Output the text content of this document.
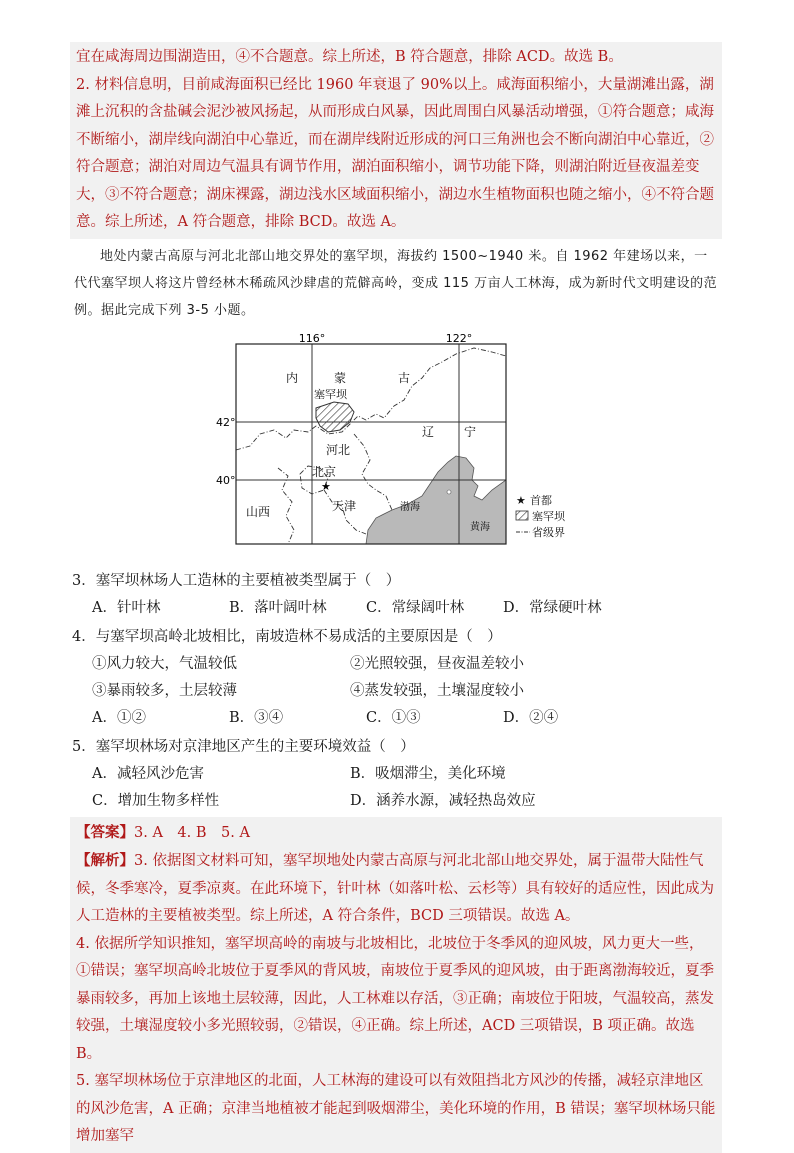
宜在咸海周边围湖造田，④不合题意。综上所述，B 符合题意，排除 ACD。故选 B。

2. 材料信息明，目前咸海面积已经比 1960 年衰退了 90%以上。咸海面积缩小，大量湖滩出露，湖滩上沉积的含盐碱会泥沙被风扬起，从而形成白风暴，因此周围白风暴活动增强，①符合题意；咸海不断缩小，湖岸线向湖泊中心靠近，而在湖岸线附近形成的河口三角洲也会不断向湖泊中心靠近，②符合题意；湖泊对周边气温具有调节作用，湖泊面积缩小，调节功能下降，则湖泊附近昼夜温差变大，③不符合题意；湖床裸露，湖边浅水区域面积缩小，湖边水生植物面积也随之缩小，④不符合题意。综上所述，A 符合题意，排除 BCD。故选 A。

地处内蒙古高原与河北北部山地交界处的塞罕坝，海拔约 1500~1940 米。自 1962 年建场以来，一代代塞罕坝人将这片曾经林木稀疏风沙肆虐的荒僻高岭，变成 115 万亩人工林海，成为新时代文明建设的范例。据此完成下列 3-5 小题。

116°	122°
42°
40°
内	蒙	古
塞罕坝
辽 宁
河北
北京
天津
山西	渤海
黄海
★
★ 首都
塞罕坝
省级界

3．塞罕坝林场人工造林的主要植被类型属于（　）

A．针叶林	B．落叶阔叶林	C．常绿阔叶林	D．常绿硬叶林

4．与塞罕坝高岭北坡相比，南坡造林不易成活的主要原因是（　）

①风力较大，气温较低	②光照较强，昼夜温差较小
③暴雨较多，土层较薄	④蒸发较强，土壤湿度较小
A．①②	B．③④	C．①③	D．②④

5．塞罕坝林场对京津地区产生的主要环境效益（　）

A．减轻风沙危害	B．吸烟滞尘，美化环境
C．增加生物多样性	D．涵养水源，减轻热岛效应

【答案】3. A　4. B　5. A

【解析】3. 依据图文材料可知，塞罕坝地处内蒙古高原与河北北部山地交界处，属于温带大陆性气候，冬季寒冷，夏季凉爽。在此环境下，针叶林（如落叶松、云杉等）具有较好的适应性，因此成为人工造林的主要植被类型。综上所述，A 符合条件，BCD 三项错误。故选 A。

4. 依据所学知识推知，塞罕坝高岭的南坡与北坡相比，北坡位于冬季风的迎风坡，风力更大一些，①错误；塞罕坝高岭北坡位于夏季风的背风坡，南坡位于夏季风的迎风坡，由于距离渤海较近，夏季暴雨较多，再加上该地土层较薄，因此，人工林难以存活，③正确；南坡位于阳坡，气温较高，蒸发较强，土壤湿度较小多光照较弱，②错误，④正确。综上所述，ACD 三项错误，B 项正确。故选 B。

5. 塞罕坝林场位于京津地区的北面，人工林海的建设可以有效阻挡北方风沙的传播，减轻京津地区的风沙危害，A 正确；京津当地植被才能起到吸烟滞尘，美化环境的作用，B 错误；塞罕坝林场只能增加塞罕
